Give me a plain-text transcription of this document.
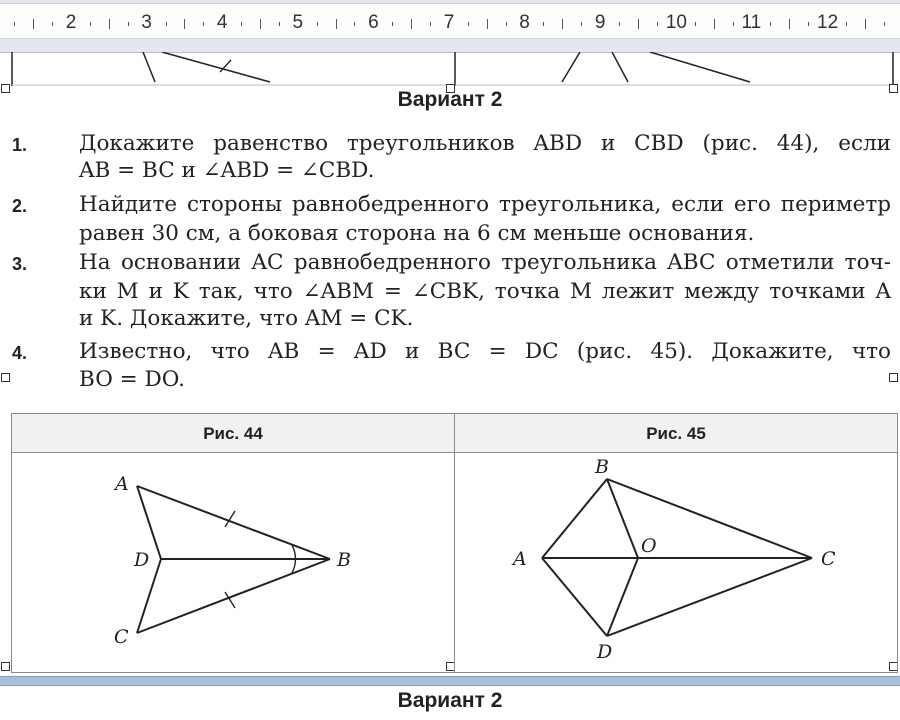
2	3	4	5	6	7	8	9	10	11	12
Вариант 2
1. Докажите равенство треугольников ABD и CBD (рис. 44), если
AB = BC и ∠ABD = ∠CBD.
2. Найдите стороны равнобедренного треугольника, если его периметр
равен 30 см, а боковая сторона на 6 см меньше основания.
3. На основании AC равнобедренного треугольника ABC отметили точ-
ки M и K так, что ∠ABM = ∠CBK, точка M лежит между точками A
и K. Докажите, что AM = CK.
4. Известно, что AB = AD и BC = DC (рис. 45). Докажите, что
BO = DO.
Рис. 44	Рис. 45
A
D	B
C
B
A
O
C
D
Вариант 2
